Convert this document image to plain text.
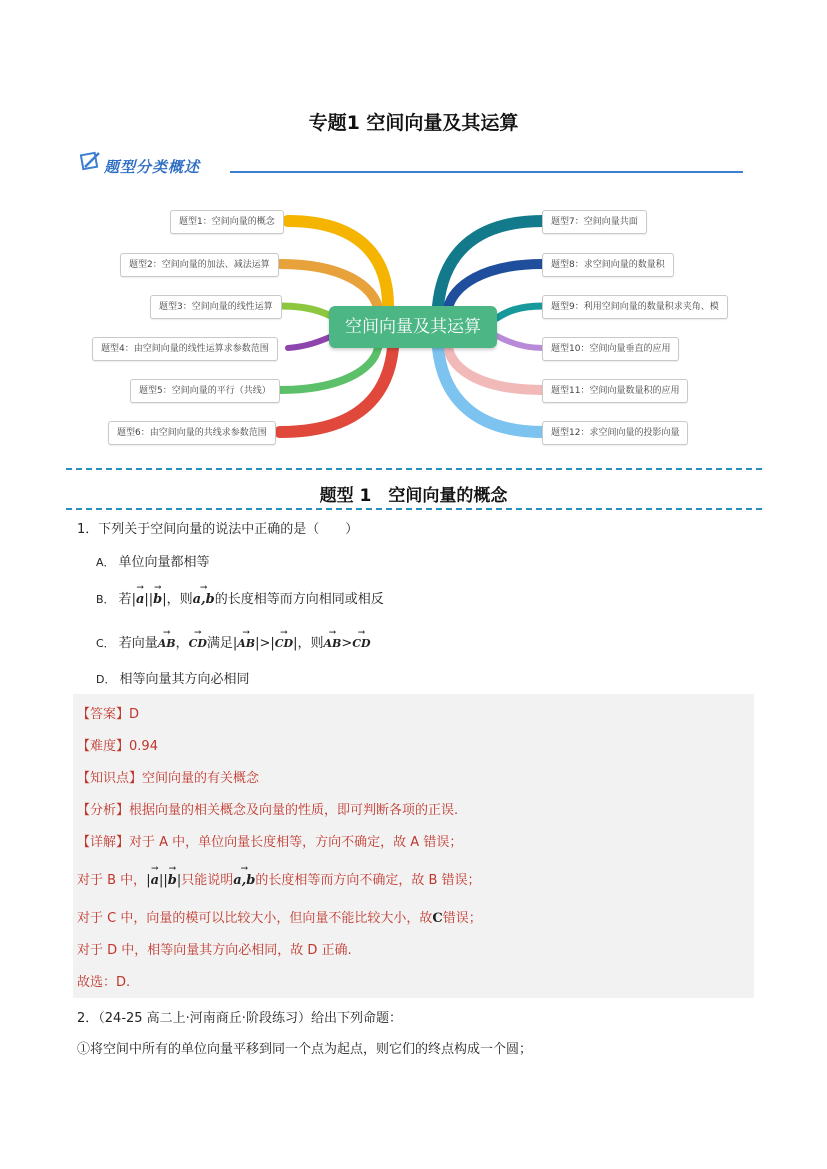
专题1 空间向量及其运算
题型分类概述
题型1：空间向量的概念
题型2：空间向量的加法、减法运算
题型3：空间向量的线性运算
题型4：由空间向量的线性运算求参数范围
题型5：空间向量的平行（共线）
题型6：由空间向量的共线求参数范围
空间向量及其运算
题型7：空间向量共面
题型8：求空间向量的数量积
题型9：利用空间向量的数量积求夹角、模
题型10：空间向量垂直的应用
题型11：空间向量数量积的应用
题型12：求空间向量的投影向量
题型 1　空间向量的概念
1．下列关于空间向量的说法中正确的是（　　）
A． 单位向量都相等
B． 若|→ a||→ b|，则→ a,b的长度相等而方向相同或相反
C． 若向量→ AB，→ CD满足|→ AB|>|→ CD|，则→ AB>→ CD
D． 相等向量其方向必相同
【答案】D
【难度】0.94
【知识点】空间向量的有关概念
【分析】根据向量的相关概念及向量的性质，即可判断各项的正误.
【详解】对于 A 中，单位向量长度相等，方向不确定，故 A 错误；
对于 B 中，|→ a||→ b|只能说明→ a,b的长度相等而方向不确定，故 B 错误；
对于 C 中，向量的模可以比较大小，但向量不能比较大小，故C错误；
对于 D 中，相等向量其方向必相同，故 D 正确.
故选：D.
2．（24-25 高二上·河南商丘·阶段练习）给出下列命题：
①将空间中所有的单位向量平移到同一个点为起点，则它们的终点构成一个圆；
